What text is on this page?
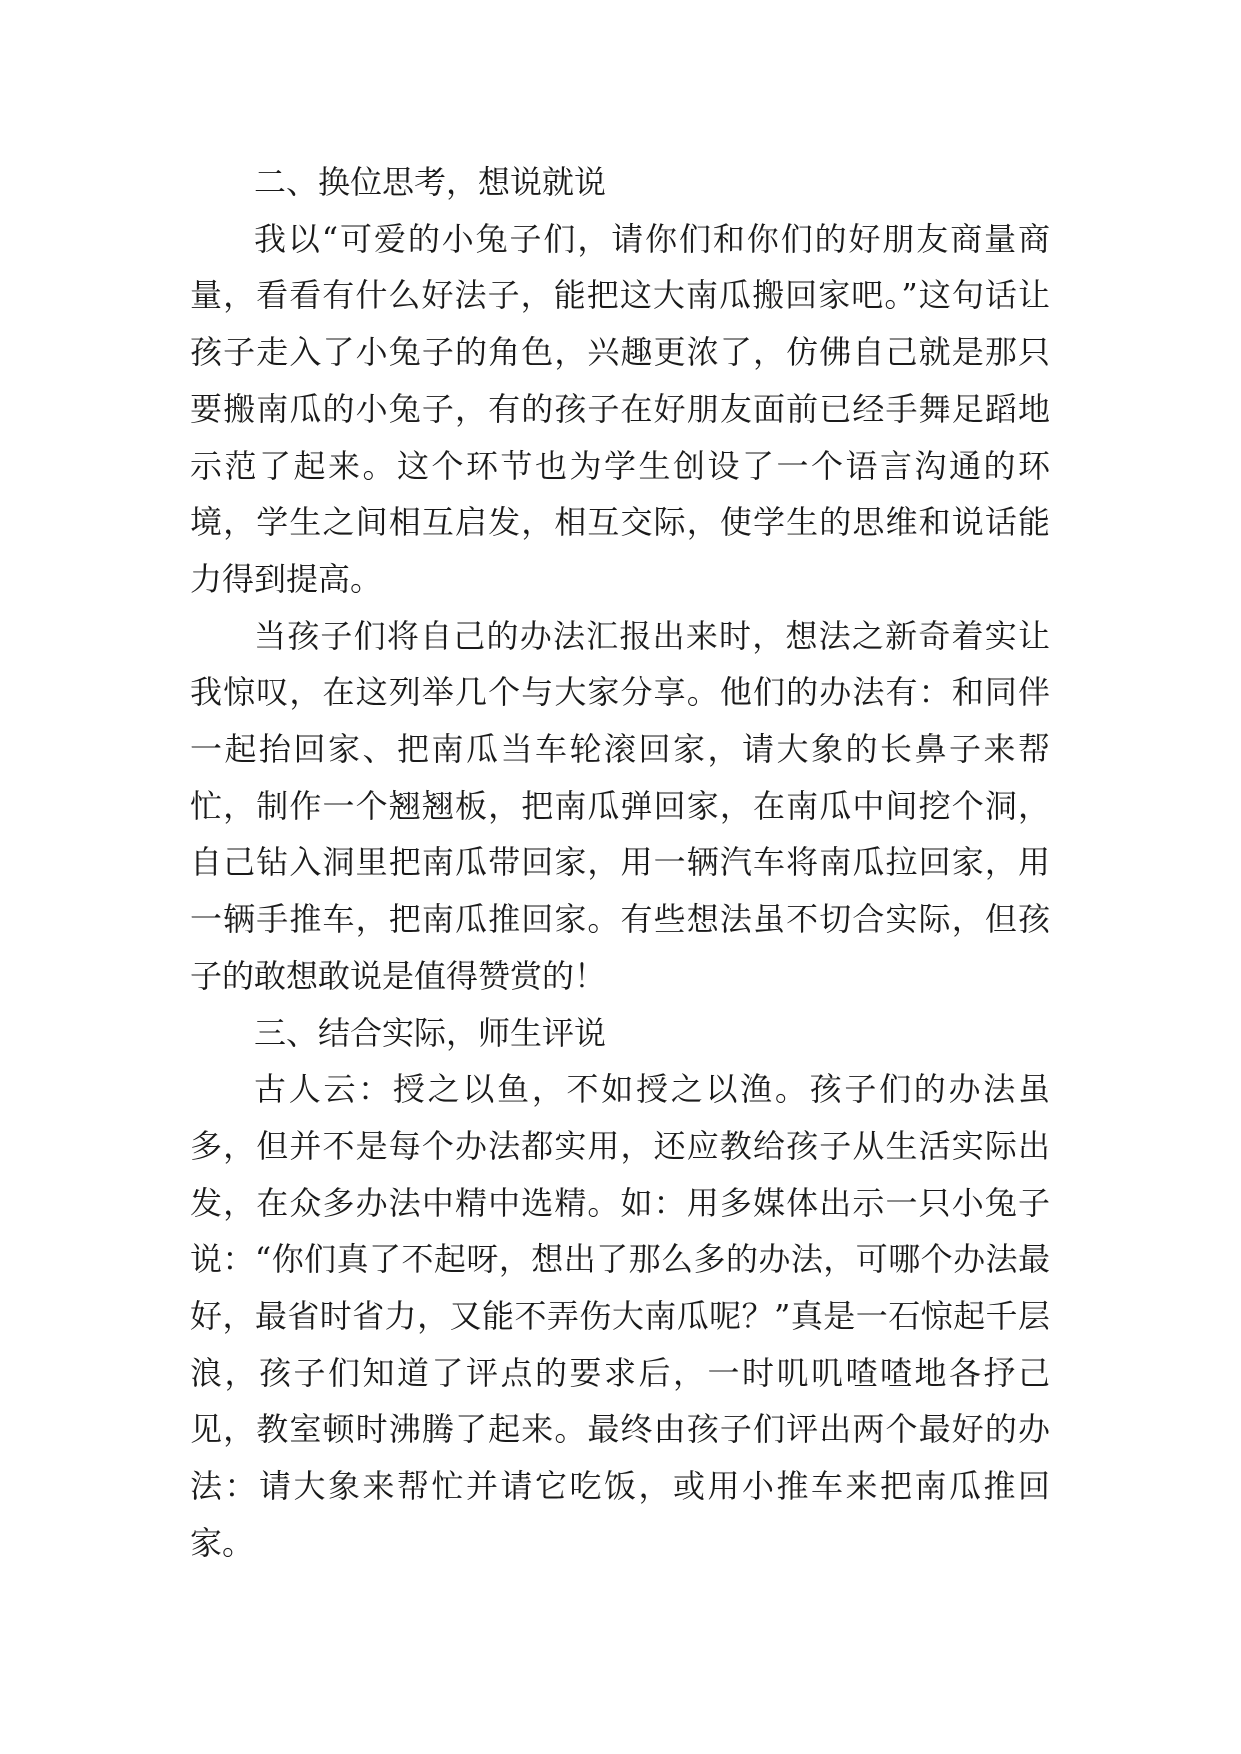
二、换位思考，想说就说

我以“可爱的小兔子们，请你们和你们的好朋友商量商量，看看有什么好法子，能把这大南瓜搬回家吧。”这句话让孩子走入了小兔子的角色，兴趣更浓了，仿佛自己就是那只要搬南瓜的小兔子，有的孩子在好朋友面前已经手舞足蹈地示范了起来。这个环节也为学生创设了一个语言沟通的环境，学生之间相互启发，相互交际，使学生的思维和说话能力得到提高。

当孩子们将自己的办法汇报出来时，想法之新奇着实让我惊叹，在这列举几个与大家分享。他们的办法有：和同伴一起抬回家、把南瓜当车轮滚回家，请大象的长鼻子来帮忙，制作一个翘翘板，把南瓜弹回家，在南瓜中间挖个洞，自己钻入洞里把南瓜带回家，用一辆汽车将南瓜拉回家，用一辆手推车，把南瓜推回家。有些想法虽不切合实际，但孩子的敢想敢说是值得赞赏的！

三、结合实际，师生评说

古人云：授之以鱼，不如授之以渔。孩子们的办法虽多，但并不是每个办法都实用，还应教给孩子从生活实际出发，在众多办法中精中选精。如：用多媒体出示一只小兔子说：“你们真了不起呀，想出了那么多的办法，可哪个办法最好，最省时省力，又能不弄伤大南瓜呢？”真是一石惊起千层浪，孩子们知道了评点的要求后，一时叽叽喳喳地各抒己见，教室顿时沸腾了起来。最终由孩子们评出两个最好的办法：请大象来帮忙并请它吃饭，或用小推车来把南瓜推回家。
